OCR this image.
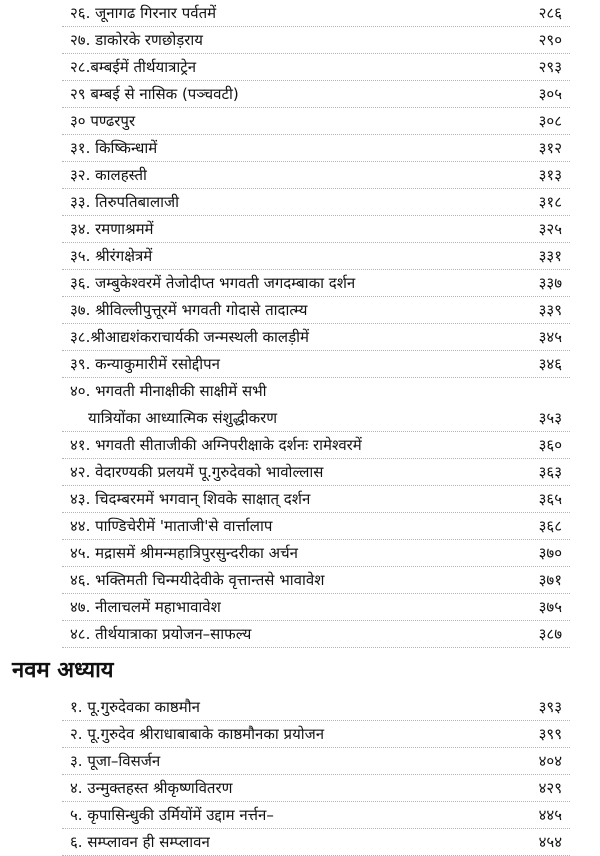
२६. जूनागढ गिरनार पर्वतमें	२८६
२७. डाकोरके रणछोड़राय	२९०
२८.बम्बईमें तीर्थयात्राट्रेन	२९३
२९ बम्बई से नासिक (पञ्चवटी)	३०५
३० पण्ढरपुर	३०८
३१. किष्किन्धामें	३१२
३२. कालहस्ती	३१३
३३. तिरुपतिबालाजी	३१८
३४. रमणाश्रममें	३२५
३५. श्रीरंगक्षेत्रमें	३३१
३६. जम्बुकेश्वरमें तेजोदीप्त भगवती जगदम्बाका दर्शन	३३७
३७. श्रीविल्लीपुत्तूरमें भगवती गोदासे तादात्म्य	३३९
३८.श्रीआद्यशंकराचार्यकी जन्मस्थली कालड़ीमें	३४५
३९. कन्याकुमारीमें रसोद्दीपन	३४६
४०. भगवती मीनाक्षीकी साक्षीमें सभी
यात्रियोंका आध्यात्मिक संशुद्धीकरण	३५३
४१. भगवती सीताजीकी अग्निपरीक्षाके दर्शनः रामेश्वरमें	३६०
४२. वेदारण्यकी प्रलयमें पू.गुरुदेवको भावोल्लास	३६३
४३. चिदम्बरममें भगवान् शिवके साक्षात् दर्शन	३६५
४४. पाण्डिचेरीमें 'माताजी'से वार्त्तालाप	३६८
४५. मद्रासमें श्रीमन्महात्रिपुरसुन्दरीका अर्चन	३७०
४६. भक्तिमती चिन्मयीदेवीके वृत्तान्तसे भावावेश	३७१
४७. नीलाचलमें महाभावावेश	३७५
४८. तीर्थयात्राका प्रयोजन–साफल्य	३८७
नवम अध्याय
१. पू.गुरुदेवका काष्ठमौन	३९३
२. पू.गुरुदेव श्रीराधाबाबाके काष्ठमौनका प्रयोजन	३९९
३. पूजा–विसर्जन	४०४
४. उन्मुक्तहस्त श्रीकृष्णवितरण	४२९
५. कृपासिन्धुकी उर्मियोंमें उद्दाम नर्त्तन–	४४५
६. सम्प्लावन ही सम्प्लावन	४५४
